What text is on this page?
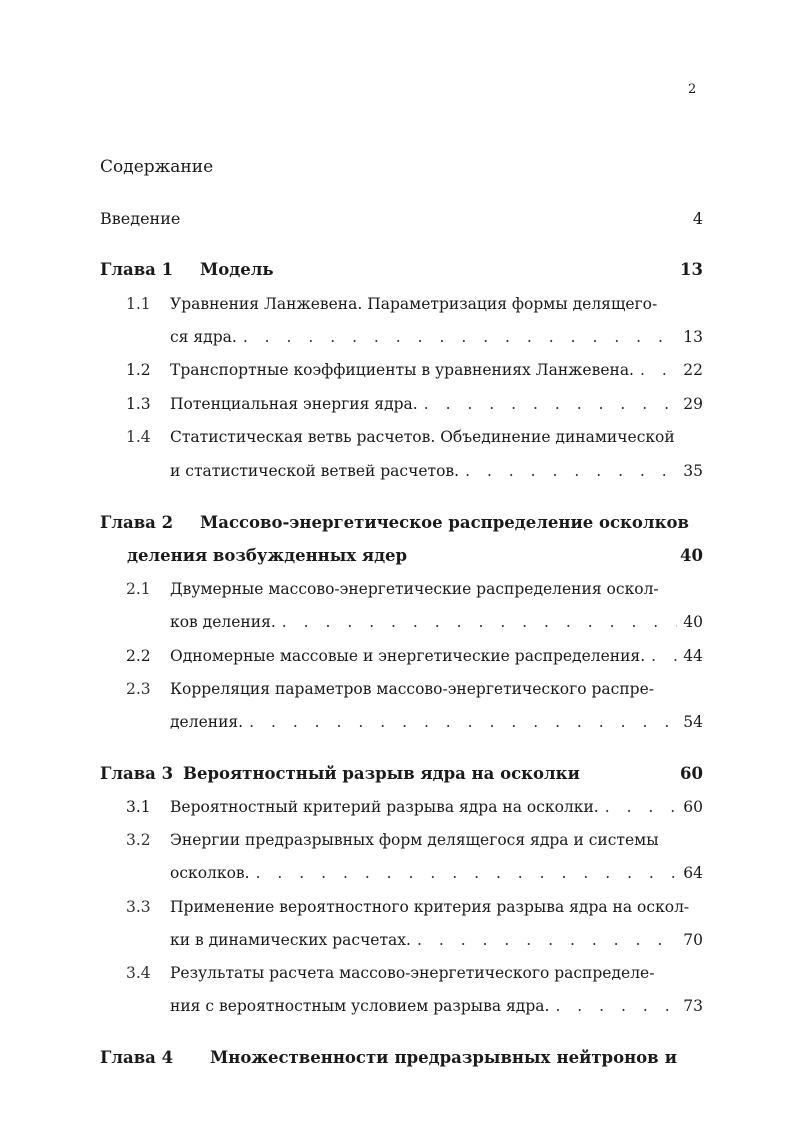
2
Содержание
Введение	4
Глава 1	Модель	13
1.1	Уравнения Ланжевена. Параметризация формы делящего-
ся ядра. . . .	13
1.2	Транспортные коэффициенты в уравнениях Ланжевена. . . .	22
1.3	Потенциальная энергия ядра. . . .	29
1.4	Статистическая ветвь расчетов. Объединение динамической
и статистической ветвей расчетов. . . .	35
Глава 2	Массово-энергетическое распределение осколков
деления возбужденных ядер	40
2.1	Двумерные массово-энергетические распределения оскол-
ков деления. . . .	40
2.2	Одномерные массовые и энергетические распределения. . . .	44
2.3	Корреляция параметров массово-энергетического распре-
деления. . . .	54
Глава 3 Вероятностный разрыв ядра на осколки	60
3.1	Вероятностный критерий разрыва ядра на осколки. . . .	60
3.2	Энергии предразрывных форм делящегося ядра и системы
осколков. . . .	64
3.3	Применение вероятностного критерия разрыва ядра на оскол-
ки в динамических расчетах. . . .	70
3.4	Результаты расчета массово-энергетического распределе-
ния с вероятностным условием разрыва ядра. . . .	73
Глава 4	Множественности предразрывных нейтронов и
